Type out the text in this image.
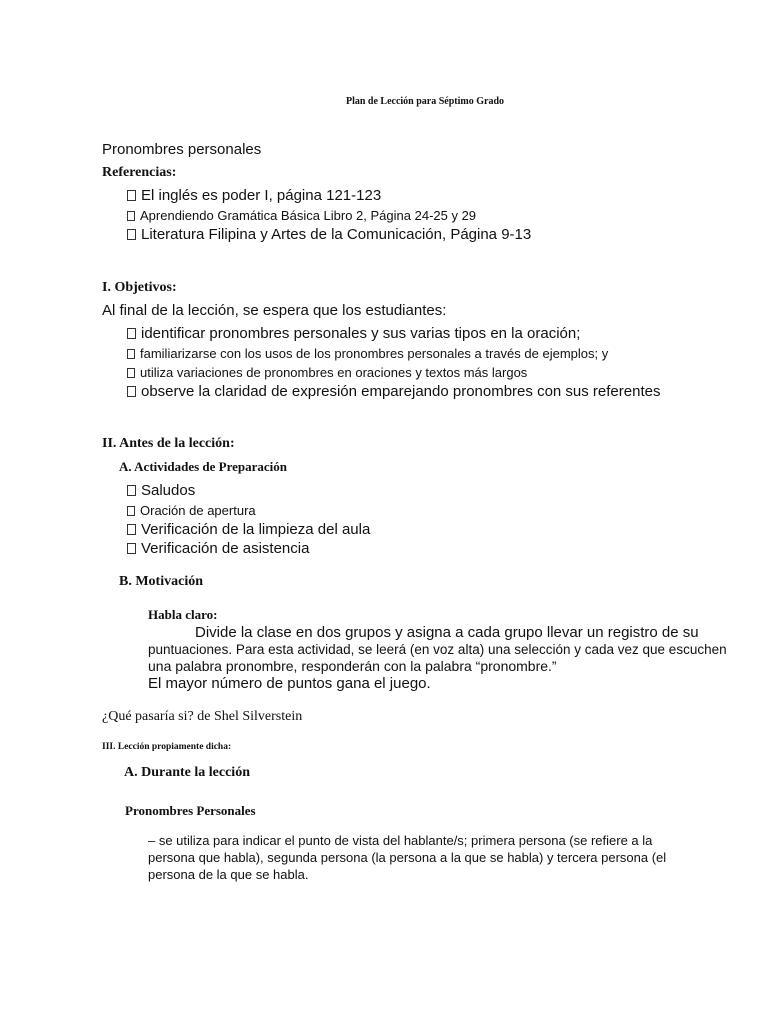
Plan de Lección para Séptimo Grado
Pronombres personales
Referencias:
El inglés es poder I, página 121-123
Aprendiendo Gramática Básica Libro 2, Página 24-25 y 29
Literatura Filipina y Artes de la Comunicación, Página 9-13
I. Objetivos:
Al final de la lección, se espera que los estudiantes:
identificar pronombres personales y sus varias tipos en la oración;
familiarizarse con los usos de los pronombres personales a través de ejemplos; y
utiliza variaciones de pronombres en oraciones y textos más largos
observe la claridad de expresión emparejando pronombres con sus referentes
II. Antes de la lección:
A. Actividades de Preparación
Saludos
Oración de apertura
Verificación de la limpieza del aula
Verificación de asistencia
B. Motivación
Habla claro:
Divide la clase en dos grupos y asigna a cada grupo llevar un registro de su
puntuaciones. Para esta actividad, se leerá (en voz alta) una selección y cada vez que escuchen
una palabra pronombre, responderán con la palabra “pronombre.”
El mayor número de puntos gana el juego.
¿Qué pasaría si? de Shel Silverstein
III. Lección propiamente dicha:
A. Durante la lección
Pronombres Personales
– se utiliza para indicar el punto de vista del hablante/s; primera persona (se refiere a la
persona que habla), segunda persona (la persona a la que se habla) y tercera persona (el
persona de la que se habla.
